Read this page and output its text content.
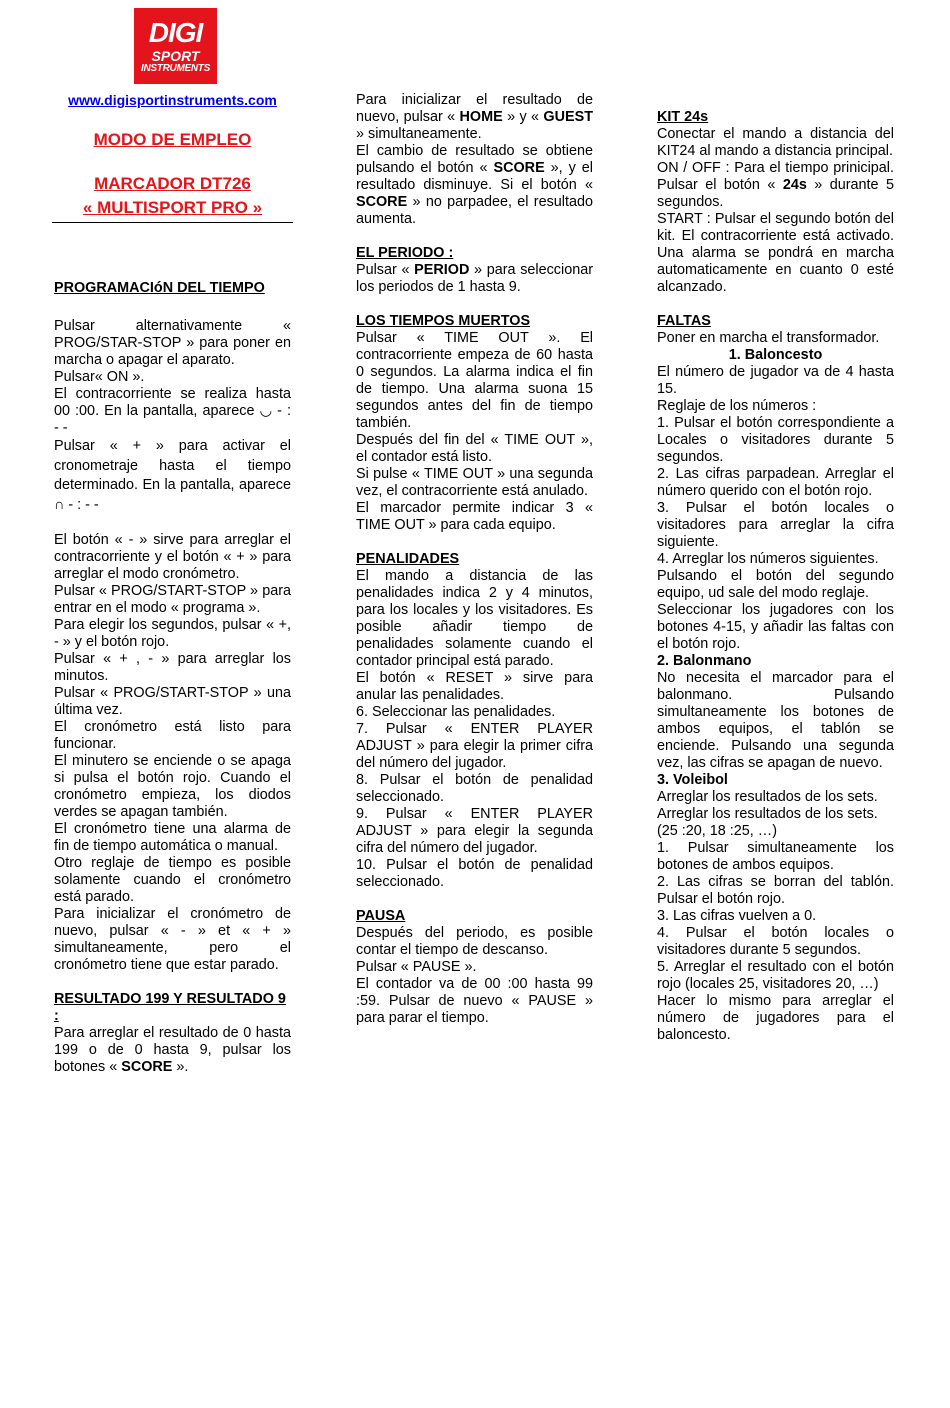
DIGI
SPORT
INSTRUMENTS
www.digisportinstruments.com
MODO DE EMPLEO
MARCADOR DT726
« MULTISPORT PRO »
PROGRAMACIóN DEL TIEMPO

Pulsar alternativamente « PROG/STAR-STOP » para poner en marcha o apagar el aparato.

Pulsar« ON ».

El contracorriente se realiza hasta 00 :00. En la pantalla, aparece ◡ - : - -

Pulsar « + » para activar el cronometraje hasta el tiempo determinado. En la pantalla, aparece ∩ - : - -

El botón « - » sirve para arreglar el contracorriente y el botón « + » para arreglar el modo cronómetro.

Pulsar « PROG/START-STOP » para entrar en el modo « programa ».

Para elegir los segundos, pulsar « +, - » y el botón rojo.

Pulsar « + , - » para arreglar los minutos.

Pulsar « PROG/START-STOP » una última vez.

El cronómetro está listo para funcionar.

El minutero se enciende o se apaga si pulsa el botón rojo. Cuando el cronómetro empieza, los diodos verdes se apagan también.

El cronómetro tiene una alarma de fin de tiempo automática o manual.

Otro reglaje de tiempo es posible solamente cuando el cronómetro está parado.

Para inicializar el cronómetro de nuevo, pulsar « - » et « + » simultaneamente, pero el cronómetro tiene que estar parado.

RESULTADO 199 Y RESULTADO 9 :

Para arreglar el resultado de 0 hasta 199 o de 0 hasta 9, pulsar los botones « SCORE ».

Para inicializar el resultado de nuevo, pulsar « HOME » y « GUEST » simultaneamente.

El cambio de resultado se obtiene pulsando el botón « SCORE », y el resultado disminuye. Si el botón « SCORE » no parpadee, el resultado aumenta.

EL PERIODO :

Pulsar « PERIOD » para seleccionar los periodos de 1 hasta 9.

LOS TIEMPOS MUERTOS

Pulsar « TIME OUT ». El contracorriente empeza de 60 hasta 0 segundos. La alarma indica el fin de tiempo. Una alarma suona 15 segundos antes del fin de tiempo también.

Después del fin del « TIME OUT », el contador está listo.

Si pulse « TIME OUT » una segunda vez, el contracorriente está anulado.

El marcador permite indicar 3 « TIME OUT » para cada equipo.

PENALIDADES

El mando a distancia de las penalidades indica 2 y 4 minutos, para los locales y los visitadores. Es posible añadir tiempo de penalidades solamente cuando el contador principal está parado.

El botón « RESET » sirve para anular las penalidades.

6. Seleccionar las penalidades.

7. Pulsar « ENTER PLAYER ADJUST » para elegir la primer cifra del número del jugador.

8. Pulsar el botón de penalidad seleccionado.

9. Pulsar « ENTER PLAYER ADJUST » para elegir la segunda cifra del número del jugador.

10. Pulsar el botón de penalidad seleccionado.

PAUSA

Después del periodo, es posible contar el tiempo de descanso.

Pulsar « PAUSE ».

El contador va de 00 :00 hasta 99 :59. Pulsar de nuevo « PAUSE » para parar el tiempo.

KIT 24s

Conectar el mando a distancia del KIT24 al mando a distancia principal.

ON / OFF : Para el tiempo prinicipal. Pulsar el botón « 24s » durante 5 segundos.

START : Pulsar el segundo botón del kit. El contracorriente está activado. Una alarma se pondrá en marcha automaticamente en cuanto 0 esté alcanzado.

FALTAS

Poner en marcha el transformador.

1. Baloncesto

El número de jugador va de 4 hasta 15.

Reglaje de los números :

1. Pulsar el botón correspondiente a Locales o visitadores durante 5 segundos.

2. Las cifras parpadean. Arreglar el número querido con el botón rojo.

3. Pulsar el botón locales o visitadores para arreglar la cifra siguiente.

4. Arreglar los números siguientes.

Pulsando el botón del segundo equipo, ud sale del modo reglaje.

Seleccionar los jugadores con los botones 4-15, y añadir las faltas con el botón rojo.

2. Balonmano

No necesita el marcador para el balonmano. Pulsando simultaneamente los botones de ambos equipos, el tablón se enciende. Pulsando una segunda vez, las cifras se apagan de nuevo.

3. Voleibol

Arreglar los resultados de los sets.

Arreglar los resultados de los sets.

(25 :20, 18 :25, …)

1. Pulsar simultaneamente los botones de ambos equipos.

2. Las cifras se borran del tablón. Pulsar el botón rojo.

3. Las cifras vuelven a 0.

4. Pulsar el botón locales o visitadores durante 5 segundos.

5. Arreglar el resultado con el botón rojo (locales 25, visitadores 20, …)

Hacer lo mismo para arreglar el número de jugadores para el baloncesto.
